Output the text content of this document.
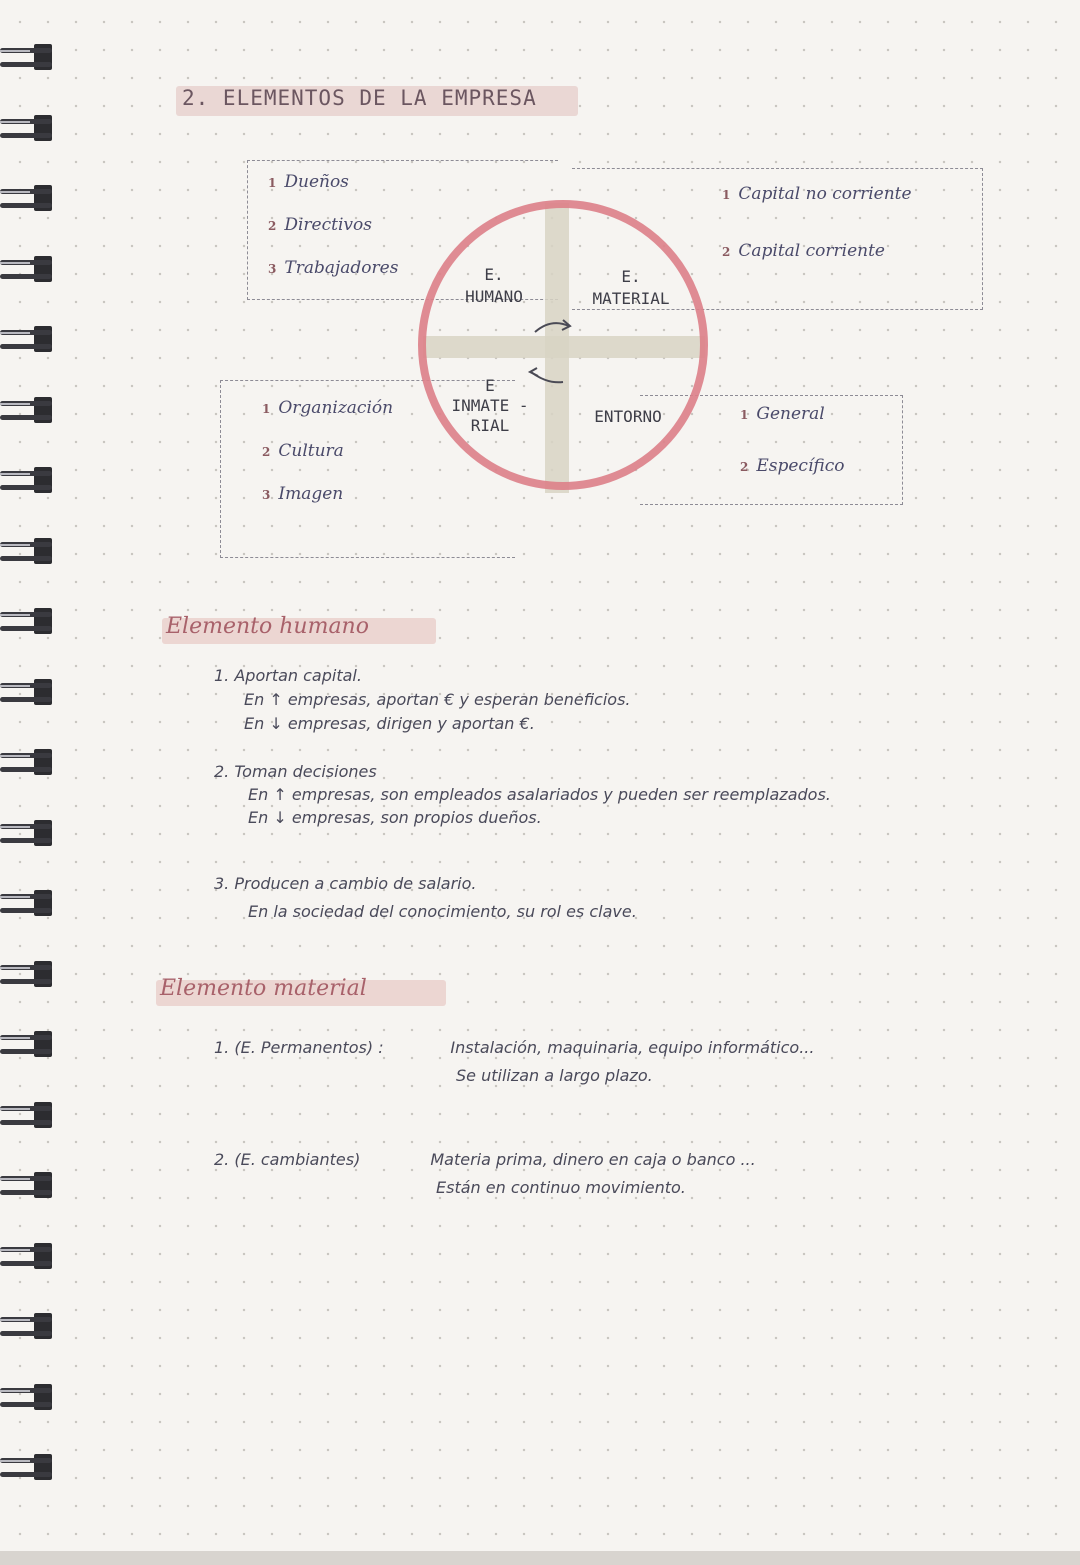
2. ELEMENTOS DE LA EMPRESA
E.
HUMANO
E.
MATERIAL
E
INMATE -
RIAL	ENTORNO
1 Dueños
2 Directivos
3 Trabajadores
1 Capital no corriente
2 Capital corriente
1 Organización
2 Cultura
3 Imagen
1 General
2 Específico
Elemento humano
1. Aportan capital.
En ↑ empresas, aportan € y esperan beneficios.
En ↓ empresas, dirigen y aportan €.
2. Toman decisiones
En ↑ empresas, son empleados asalariados y pueden ser reemplazados.
En ↓ empresas, son propios dueños.
3. Producen a cambio de salario.
En la sociedad del conocimiento, su rol es clave.
Elemento material
1. (E. Permanentos) :	Instalación, maquinaria, equipo informático...
Se utilizan a largo plazo.
2. (E. cambiantes)	Materia prima, dinero en caja o banco ...
Están en continuo movimiento.
